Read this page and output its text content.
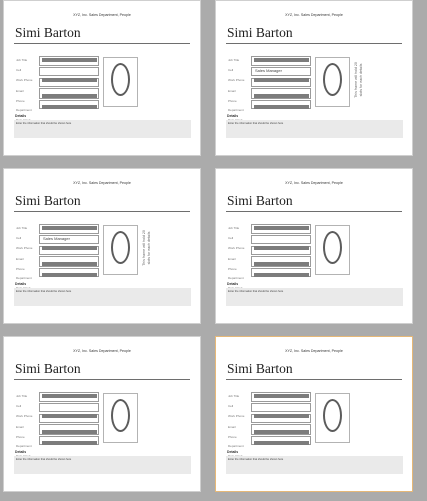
XYZ, Inc. Sales Department, People
Simi Barton
Job Title
Cell
Work Phone
Email
Phone
Department
Details
Enter the information that should be shown here
XYZ, Inc. Sales Department, People
Simi Barton
Job Title
Cell
Work Phone
Email
Phone
Department
Sales Manager	This frame will hold 20 slots for each details
Details
Enter the information that should be shown here
XYZ, Inc. Sales Department, People
Simi Barton
Job Title
Cell
Work Phone
Email
Phone
Department
Sales Manager	This frame will hold 20 slots for each details
Details
Enter the information that should be shown here
XYZ, Inc. Sales Department, People
Simi Barton
Job Title
Cell
Work Phone
Email
Phone
Department
Details
Enter the information that should be shown here
XYZ, Inc. Sales Department, People
Simi Barton
Job Title
Cell
Work Phone
Email
Phone
Department
Details
Enter the information that should be shown here
XYZ, Inc. Sales Department, People
Simi Barton
Job Title
Cell
Work Phone
Email
Phone
Department
Details
Enter the information that should be shown here
